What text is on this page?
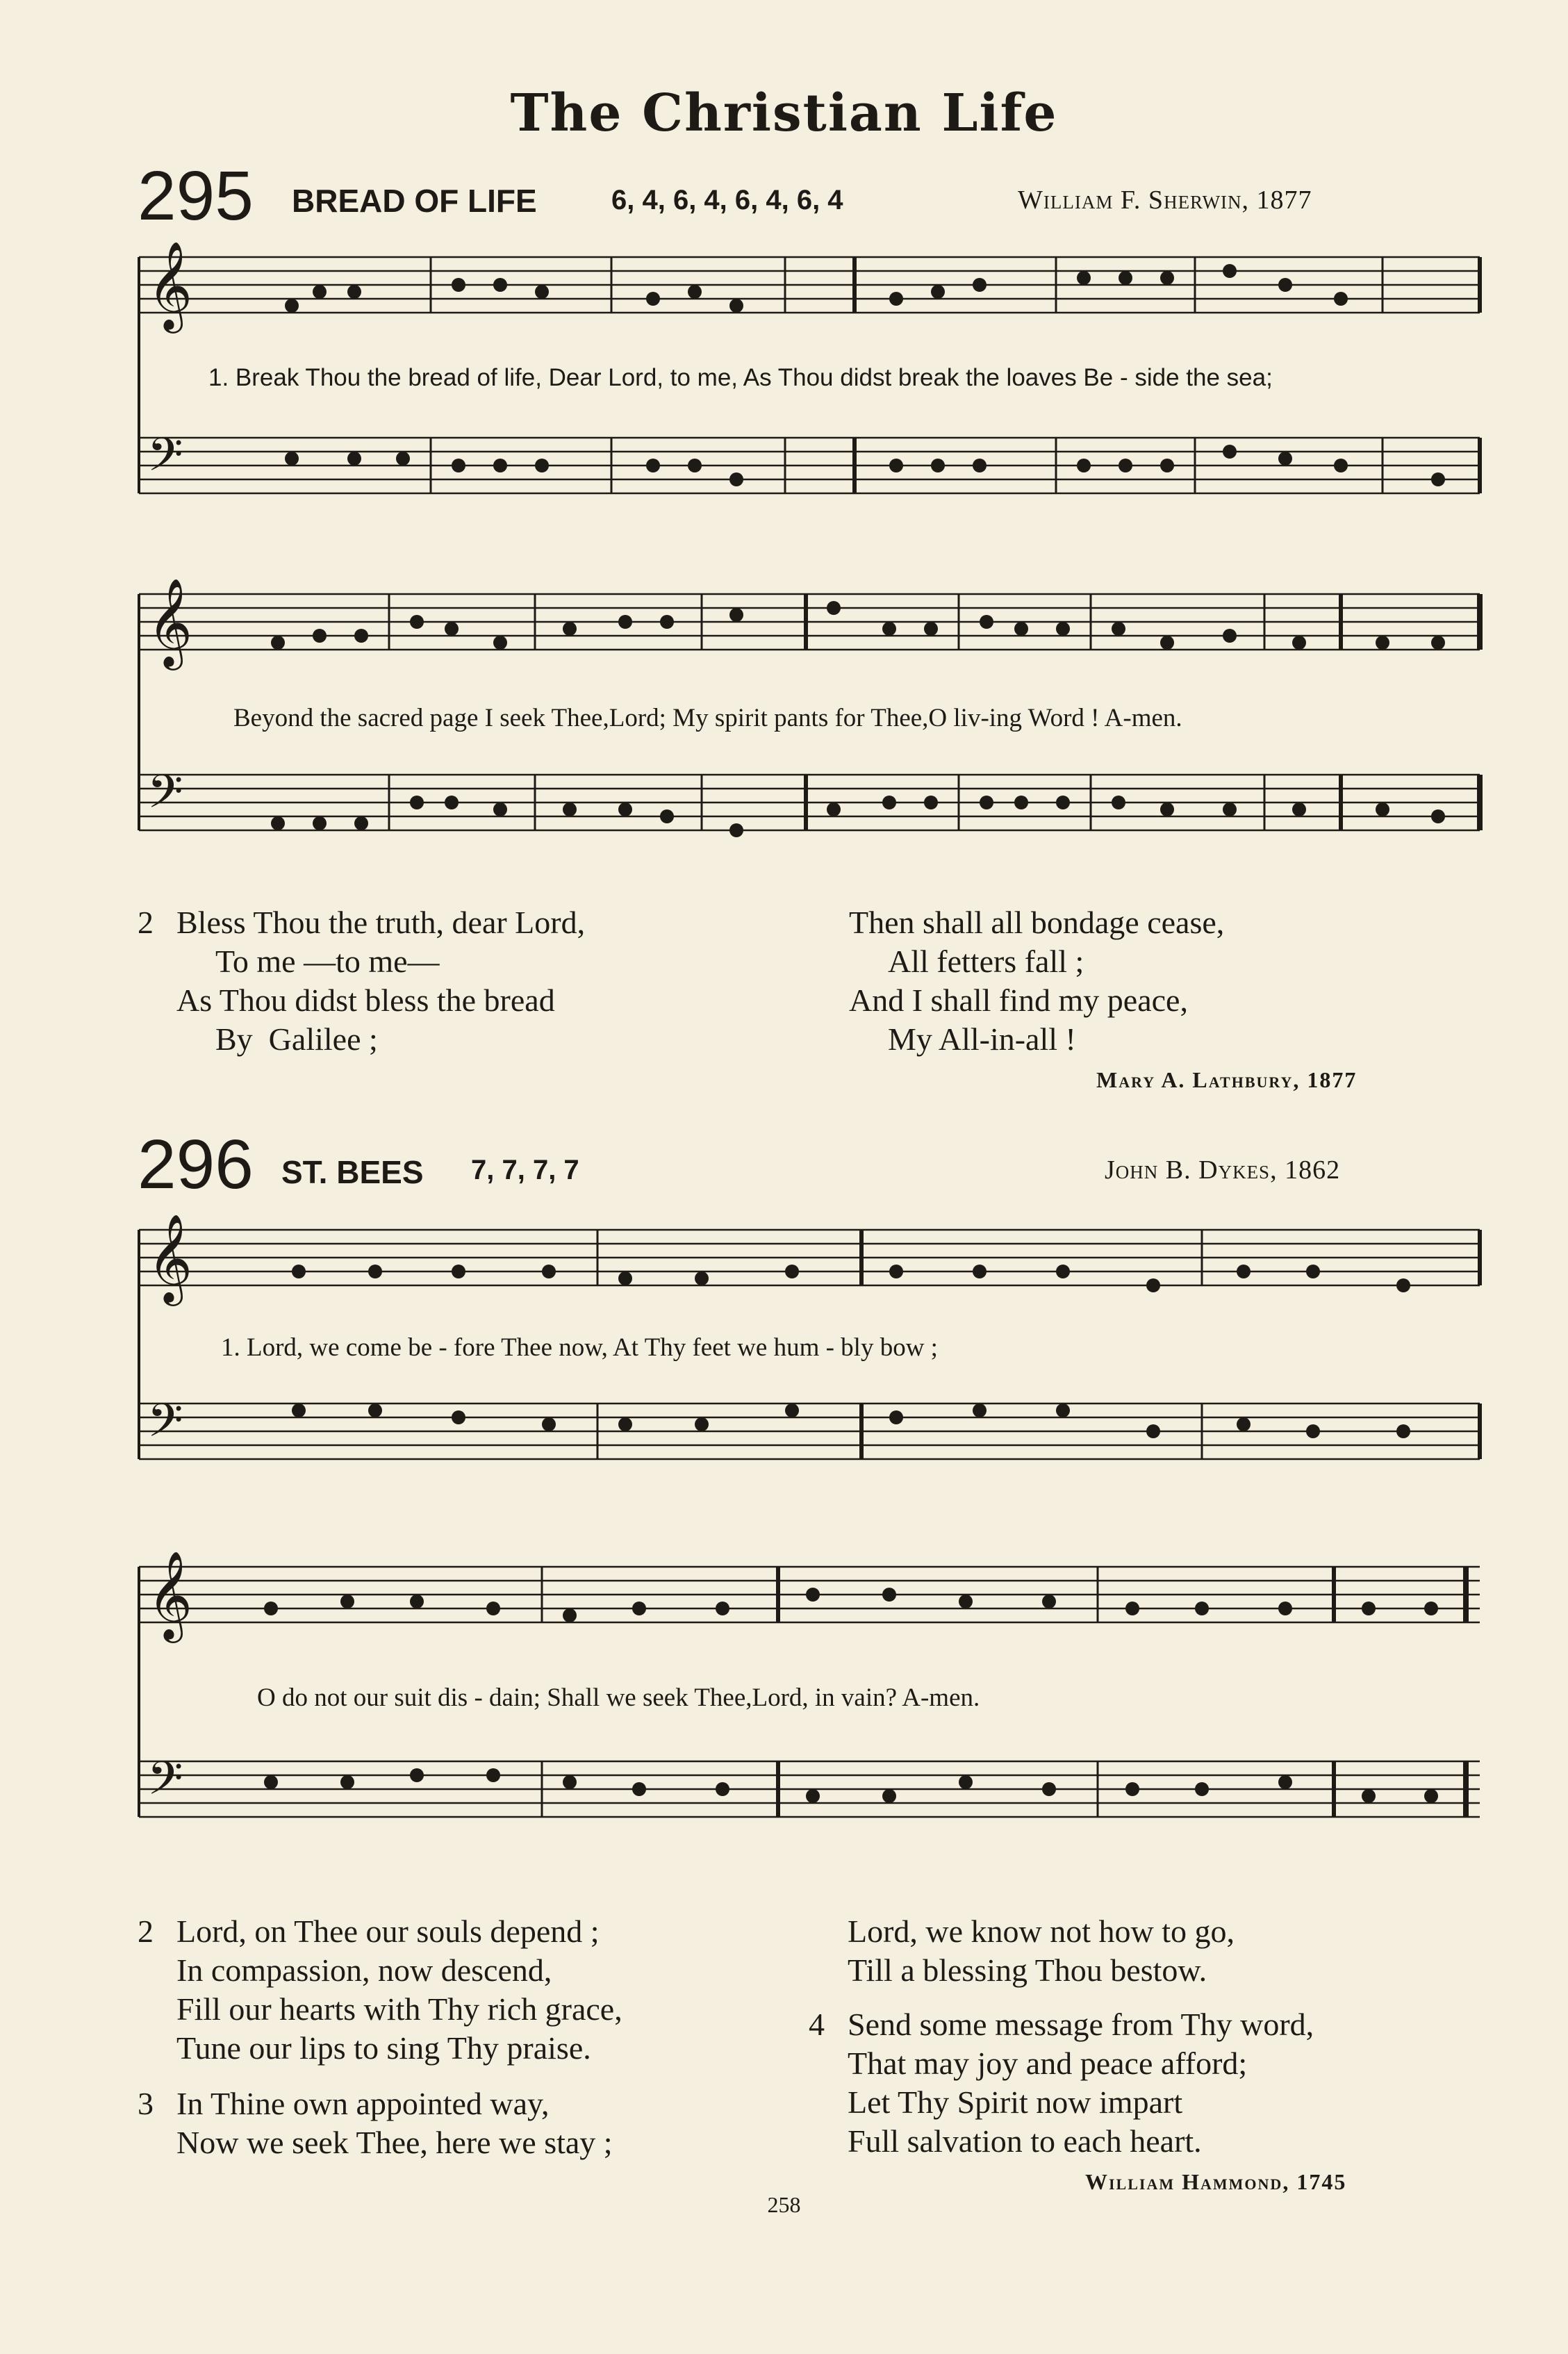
The Christian Life
295 BREAD OF LIFE	6, 4, 6, 4, 6, 4, 6, 4	William F. Sherwin, 1877
𝄞
𝄢
𝄞
𝄢
𝄞
𝄢
𝄞
𝄢
1. Break Thou the bread of life, Dear Lord, to me, As Thou didst break the loaves Be - side the sea;
Beyond the sacred page I seek Thee,Lord; My spirit pants for Thee,O liv-ing Word ! A-men.
2 Bless Thou the truth, dear Lord,
To me —to me—
As Thou didst bless the bread
By  Galilee ;
Then shall all bondage cease,
All fetters fall ;
And I shall find my peace,
My All-in-all !
Mary A. Lathbury, 1877
296 ST. BEES 7, 7, 7, 7	John B. Dykes, 1862
1. Lord, we come be - fore Thee now, At Thy feet we hum - bly bow ;
O do not our suit dis - dain; Shall we seek Thee,Lord, in vain? A-men.
2 Lord, on Thee our souls depend ;
In compassion, now descend,
Fill our hearts with Thy rich grace,
Tune our lips to sing Thy praise.
3 In Thine own appointed way,
Now we seek Thee, here we stay ;
Lord, we know not how to go,
Till a blessing Thou bestow.
4 Send some message from Thy word,
That may joy and peace afford;
Let Thy Spirit now impart
Full salvation to each heart.
William Hammond, 1745
258
